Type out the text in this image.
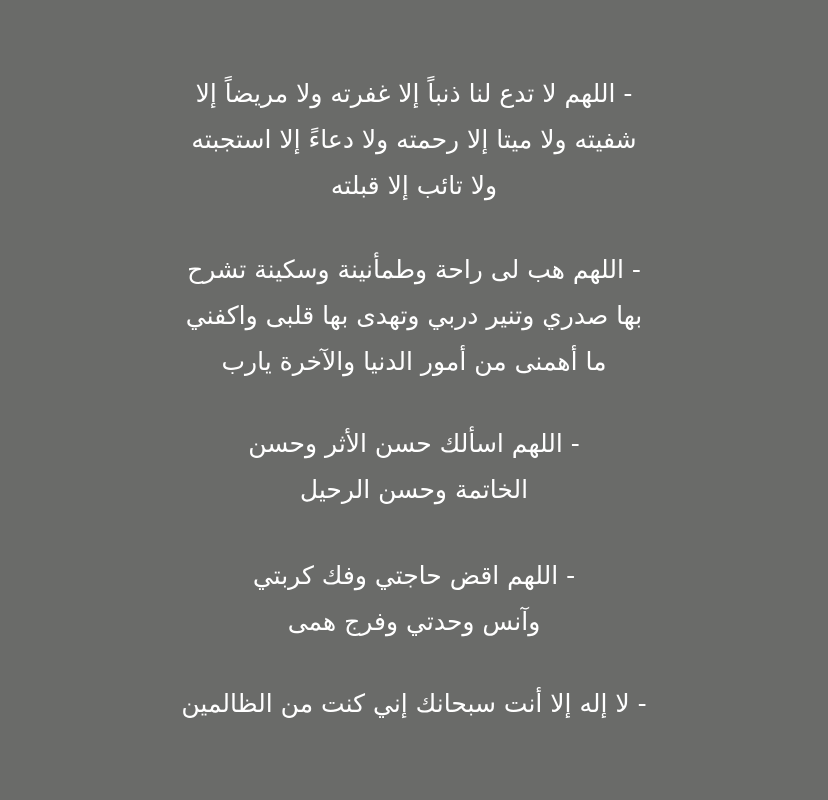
- اللهم لا تدع لنا ذنباً إلا غفرته ولا مريضاً إلا
شفيته ولا ميتا إلا رحمته ولا دعاءً إلا استجبته
ولا تائب إلا قبلته
- اللهم هب لى راحة وطمأنينة وسكينة تشرح
بها صدري وتنير دربي وتهدى بها قلبى واكفني
ما أهمنى من أمور الدنيا والآخرة يارب
- اللهم اسألك حسن الأثر وحسن
الخاتمة وحسن الرحيل
- اللهم اقض حاجتي وفك كربتي
وآنس وحدتي وفرج همى
- لا إله إلا أنت سبحانك إني كنت من الظالمين
